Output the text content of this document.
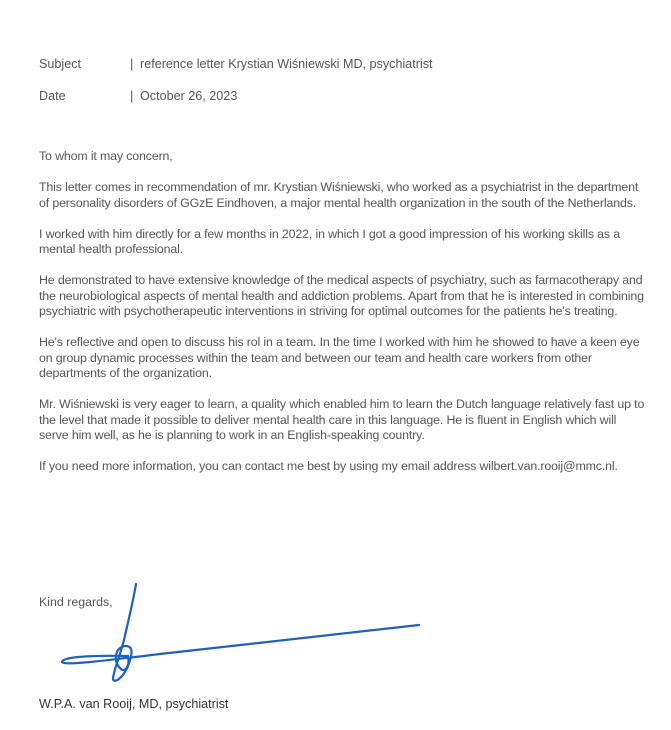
Subject	| reference letter Krystian Wiśniewski MD, psychiatrist
Date	| October 26, 2023

To whom it may concern,

This letter comes in recommendation of mr. Krystian Wiśniewski, who worked as a psychiatrist in the department of personality disorders of GGzE Eindhoven, a major mental health organization in the south of the Netherlands.

I worked with him directly for a few months in 2022, in which I got a good impression of his working skills as a mental health professional.

He demonstrated to have extensive knowledge of the medical aspects of psychiatry, such as farmacotherapy and the neurobiological aspects of mental health and addiction problems. Apart from that he is interested in combining psychiatric with psychotherapeutic interventions in striving for optimal outcomes for the patients he's treating.

He's reflective and open to discuss his rol in a team. In the time I worked with him he showed to have a keen eye on group dynamic processes within the team and between our team and health care workers from other departments of the organization.

Mr. Wiśniewski is very eager to learn, a quality which enabled him to learn the Dutch language relatively fast up to the level that made it possible to deliver mental health care in this language. He is fluent in English which will serve him well, as he is planning to work in an English-speaking country.

If you need more information, you can contact me best by using my email address wilbert.van.rooij@mmc.nl.

Kind regards,
W.P.A. van Rooij, MD, psychiatrist
